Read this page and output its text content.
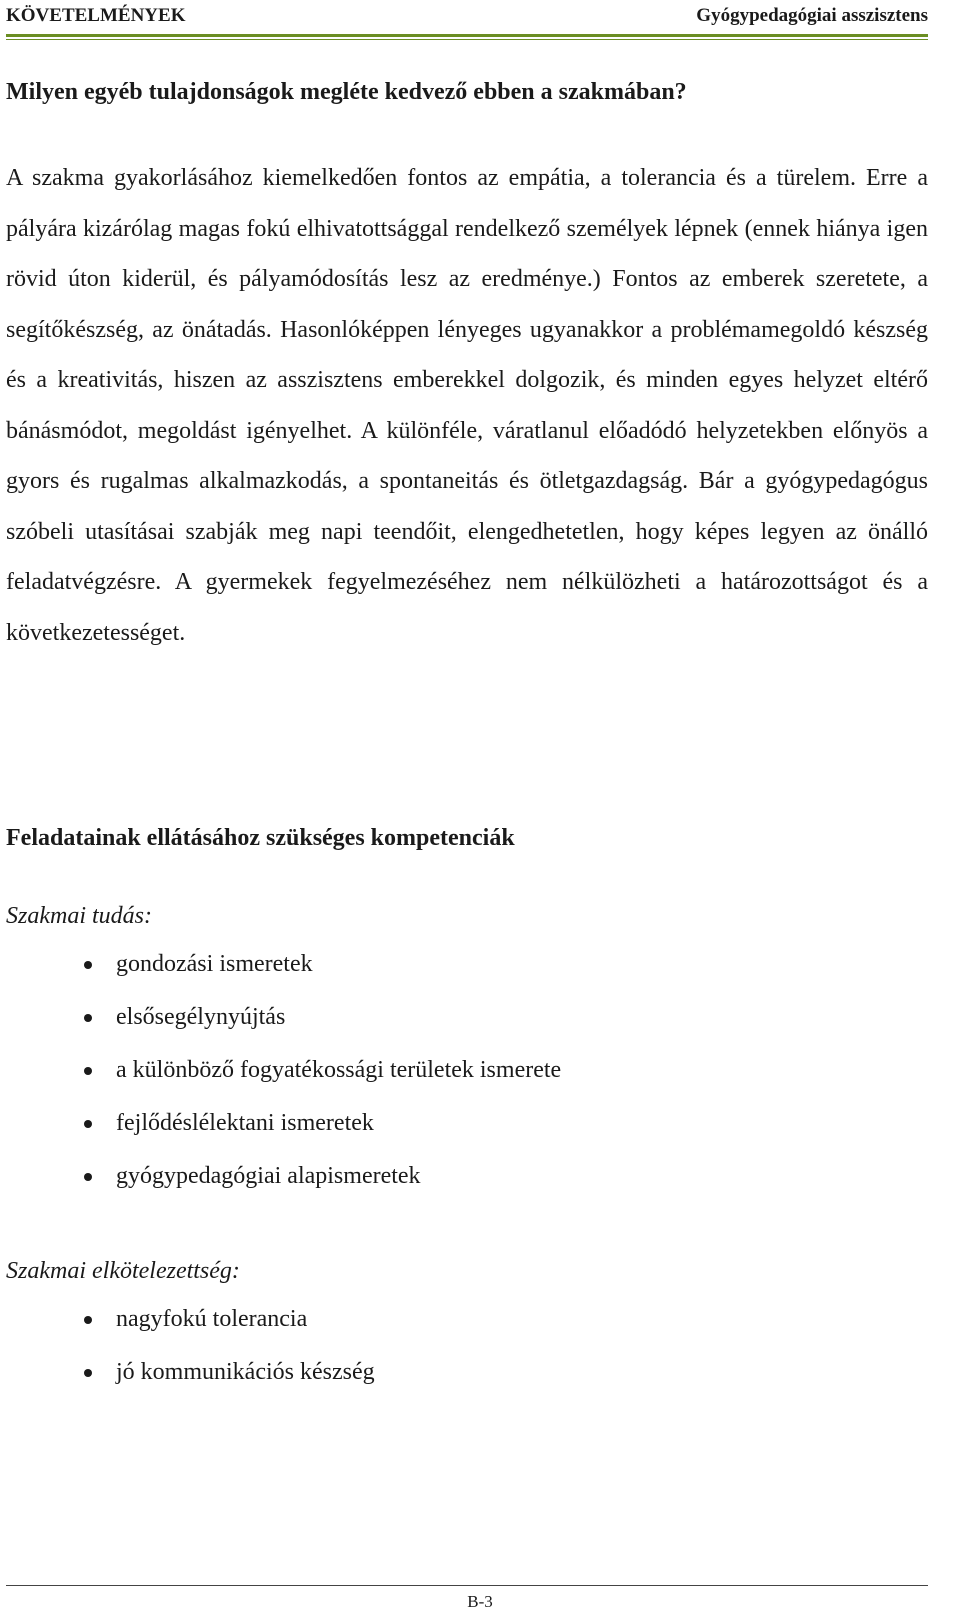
KÖVETELMÉNYEK	Gyógypedagógiai asszisztens

Milyen egyéb tulajdonságok megléte kedvező ebben a szakmában?

A szakma gyakorlásához kiemelkedően fontos az empátia, a tolerancia és a türelem. Erre a pályára kizárólag magas fokú elhivatottsággal rendelkező személyek lépnek (ennek hiánya igen rövid úton kiderül, és pályamódosítás lesz az eredménye.) Fontos az emberek szeretete, a segítőkészség, az önátadás. Hasonlóképpen lényeges ugyanakkor a problémamegoldó készség és a kreativitás, hiszen az asszisztens emberekkel dolgozik, és minden egyes helyzet eltérő bánásmódot, megoldást igényelhet. A különféle, váratlanul előadódó helyzetekben előnyös a gyors és rugalmas alkalmazkodás, a spontaneitás és ötletgazdagság. Bár a gyógypedagógus szóbeli utasításai szabják meg napi teendőit, elengedhetetlen, hogy képes legyen az önálló feladatvégzésre. A gyermekek fegyelmezéséhez nem nélkülözheti a határozottságot és a következetességet.

Feladatainak ellátásához szükséges kompetenciák

Szakmai tudás:

gondozási ismeretek
elsősegélynyújtás
a különböző fogyatékossági területek ismerete
fejlődéslélektani ismeretek
gyógypedagógiai alapismeretek

Szakmai elkötelezettség:

nagyfokú tolerancia
jó kommunikációs készség
B-3
